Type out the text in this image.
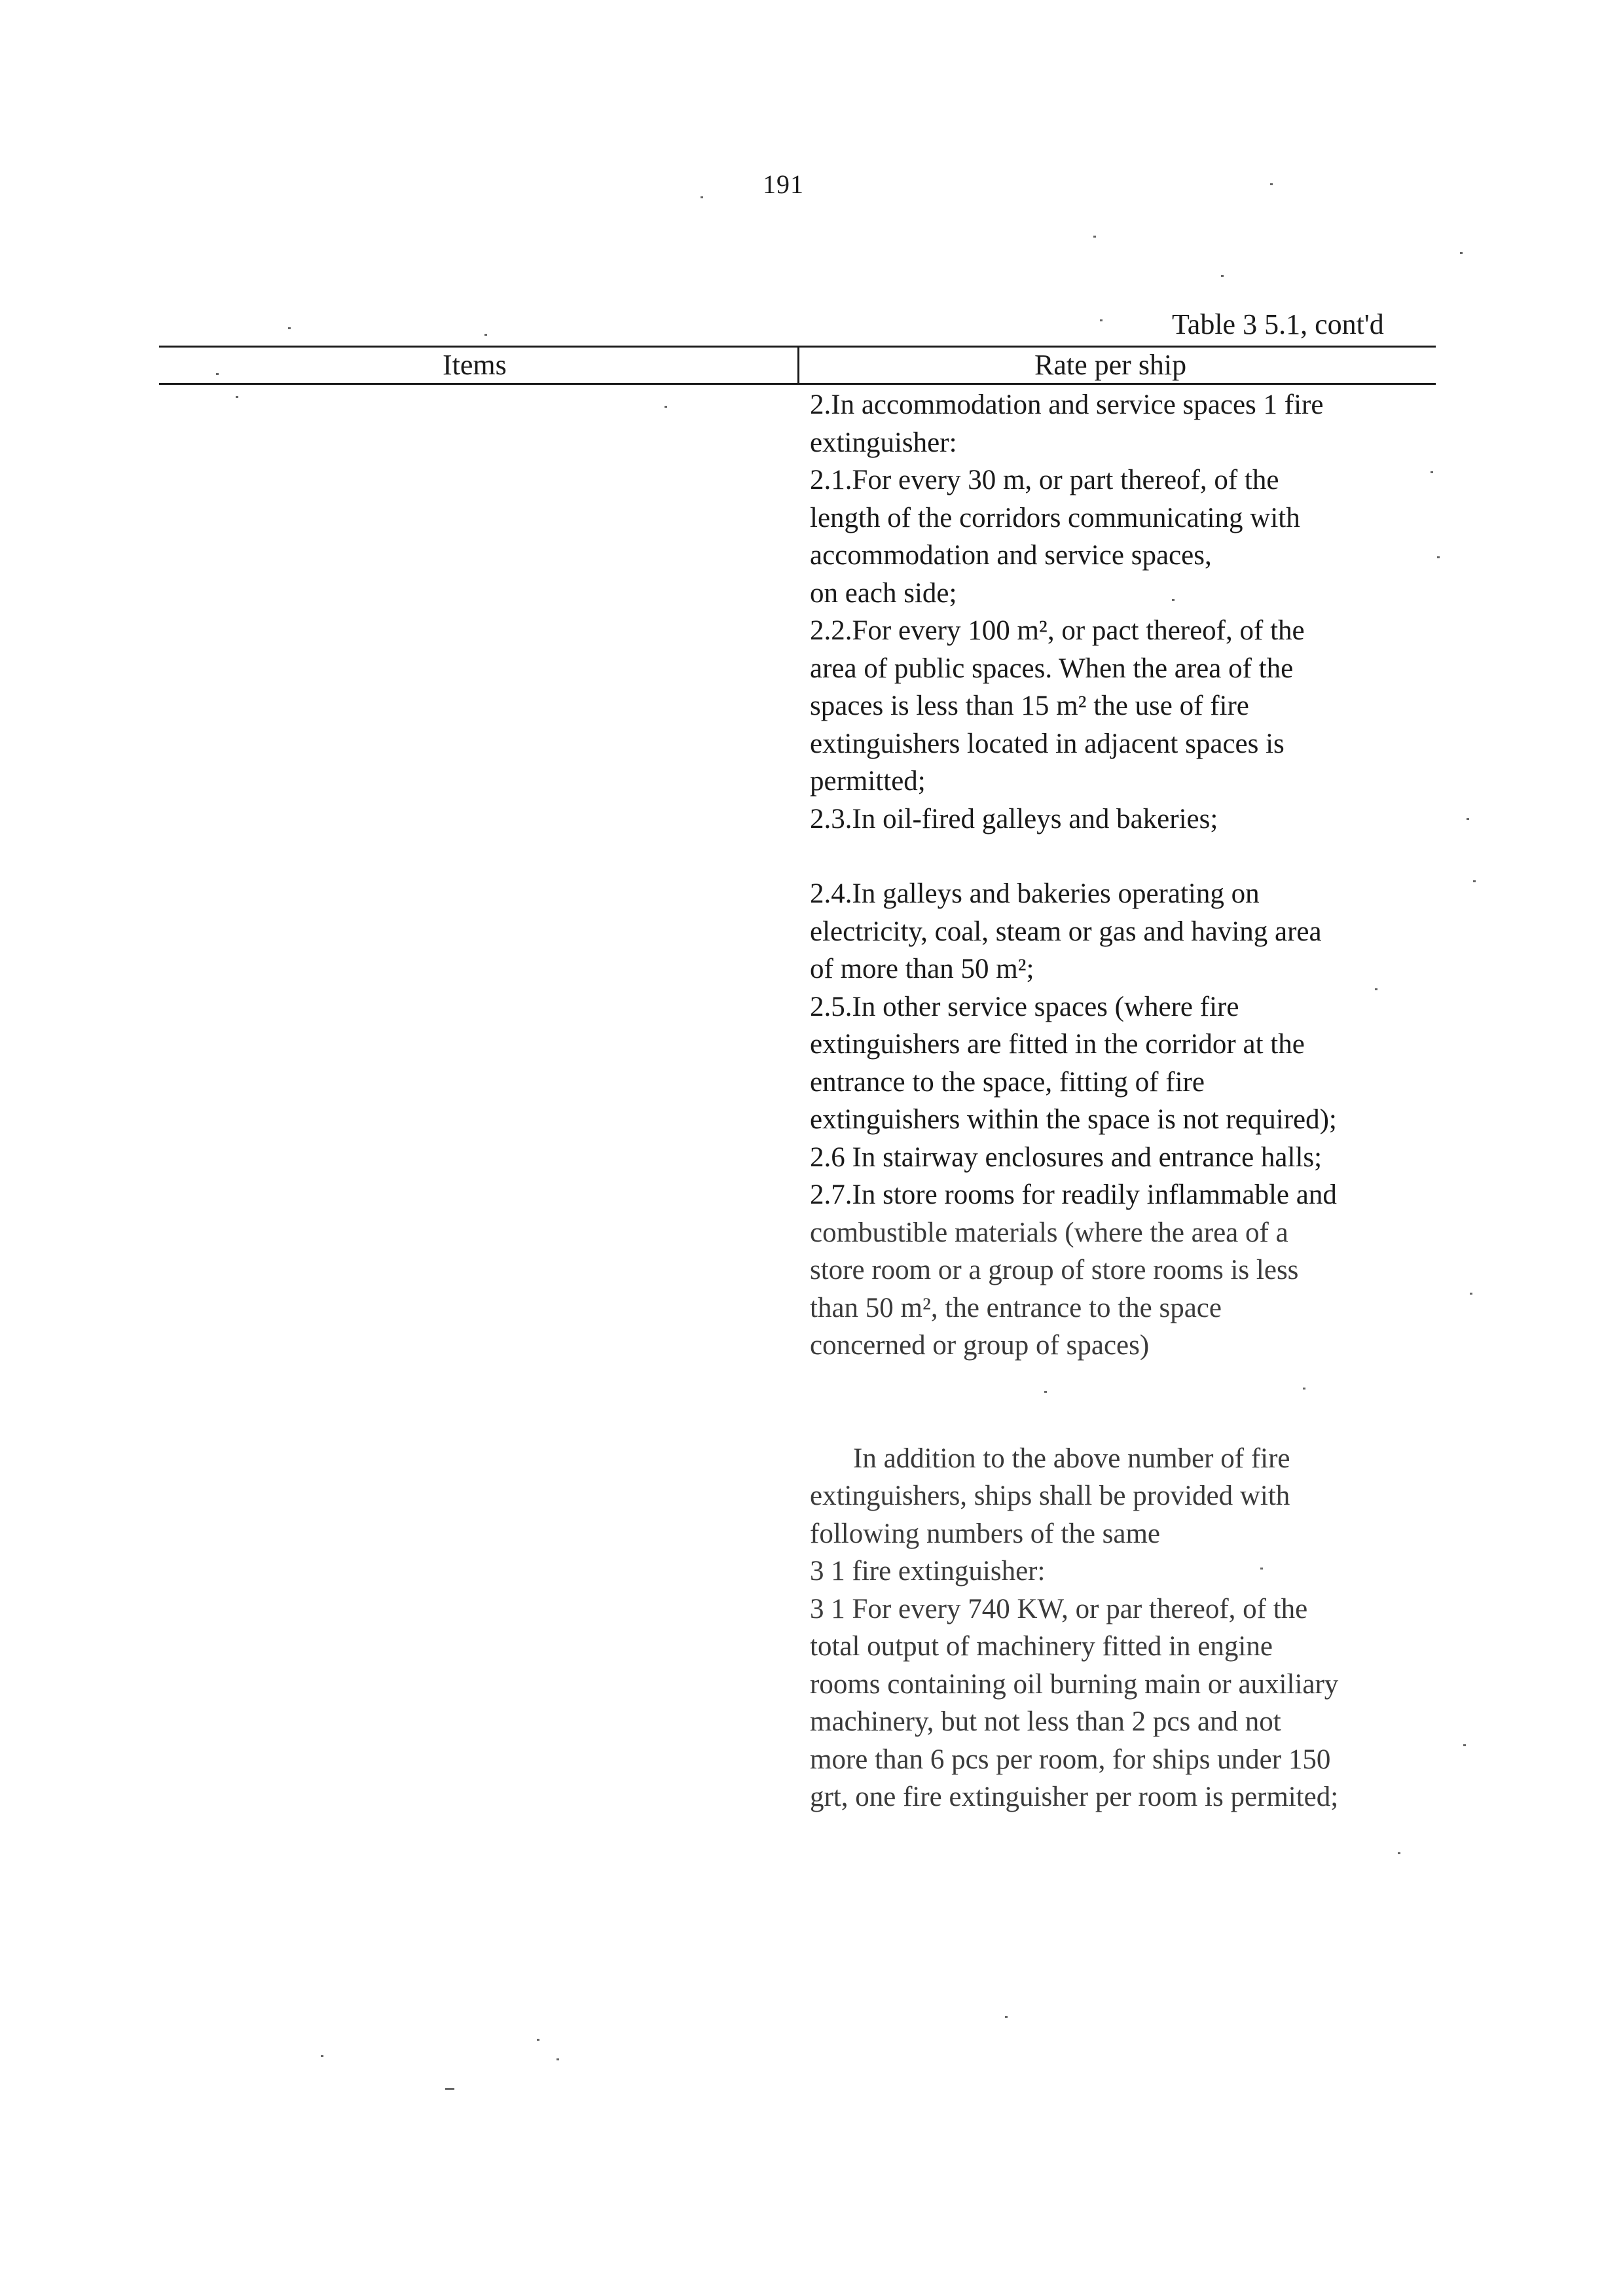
191
Table 3 5.1, cont'd
Items	Rate per ship

2.In accommodation and service spaces 1 fire

extinguisher:

2.1.For every 30 m, or part thereof, of the

length of the corridors communicating with

accommodation and service spaces,

on each side;

2.2.For every 100 m², or pact thereof, of the

area of public spaces. When the area of the

spaces is less than 15 m² the use of fire

extinguishers located in adjacent spaces is

permitted;

2.3.In oil-fired galleys and bakeries;

2.4.In galleys and bakeries operating on

electricity, coal, steam or gas and having area

of more than 50 m²;

2.5.In other service spaces (where fire

extinguishers are fitted in the corridor at the

entrance to the space, fitting of fire

extinguishers within the space is not required);

2.6 In stairway enclosures and entrance halls;

2.7.In store rooms for readily inflammable and

combustible materials (where the area of a

store room or a group of store rooms is less

than 50 m², the entrance to the space

concerned or group of spaces)

In addition to the above number of fire

extinguishers, ships shall be provided with

following numbers of the same

3 1 fire extinguisher:

3 1 For every 740 KW, or par thereof, of the

total output of machinery fitted in engine

rooms containing oil burning main or auxiliary

machinery, but not less than 2 pcs and not

more than 6 pcs per room, for ships under 150

grt, one fire extinguisher per room is permited;
